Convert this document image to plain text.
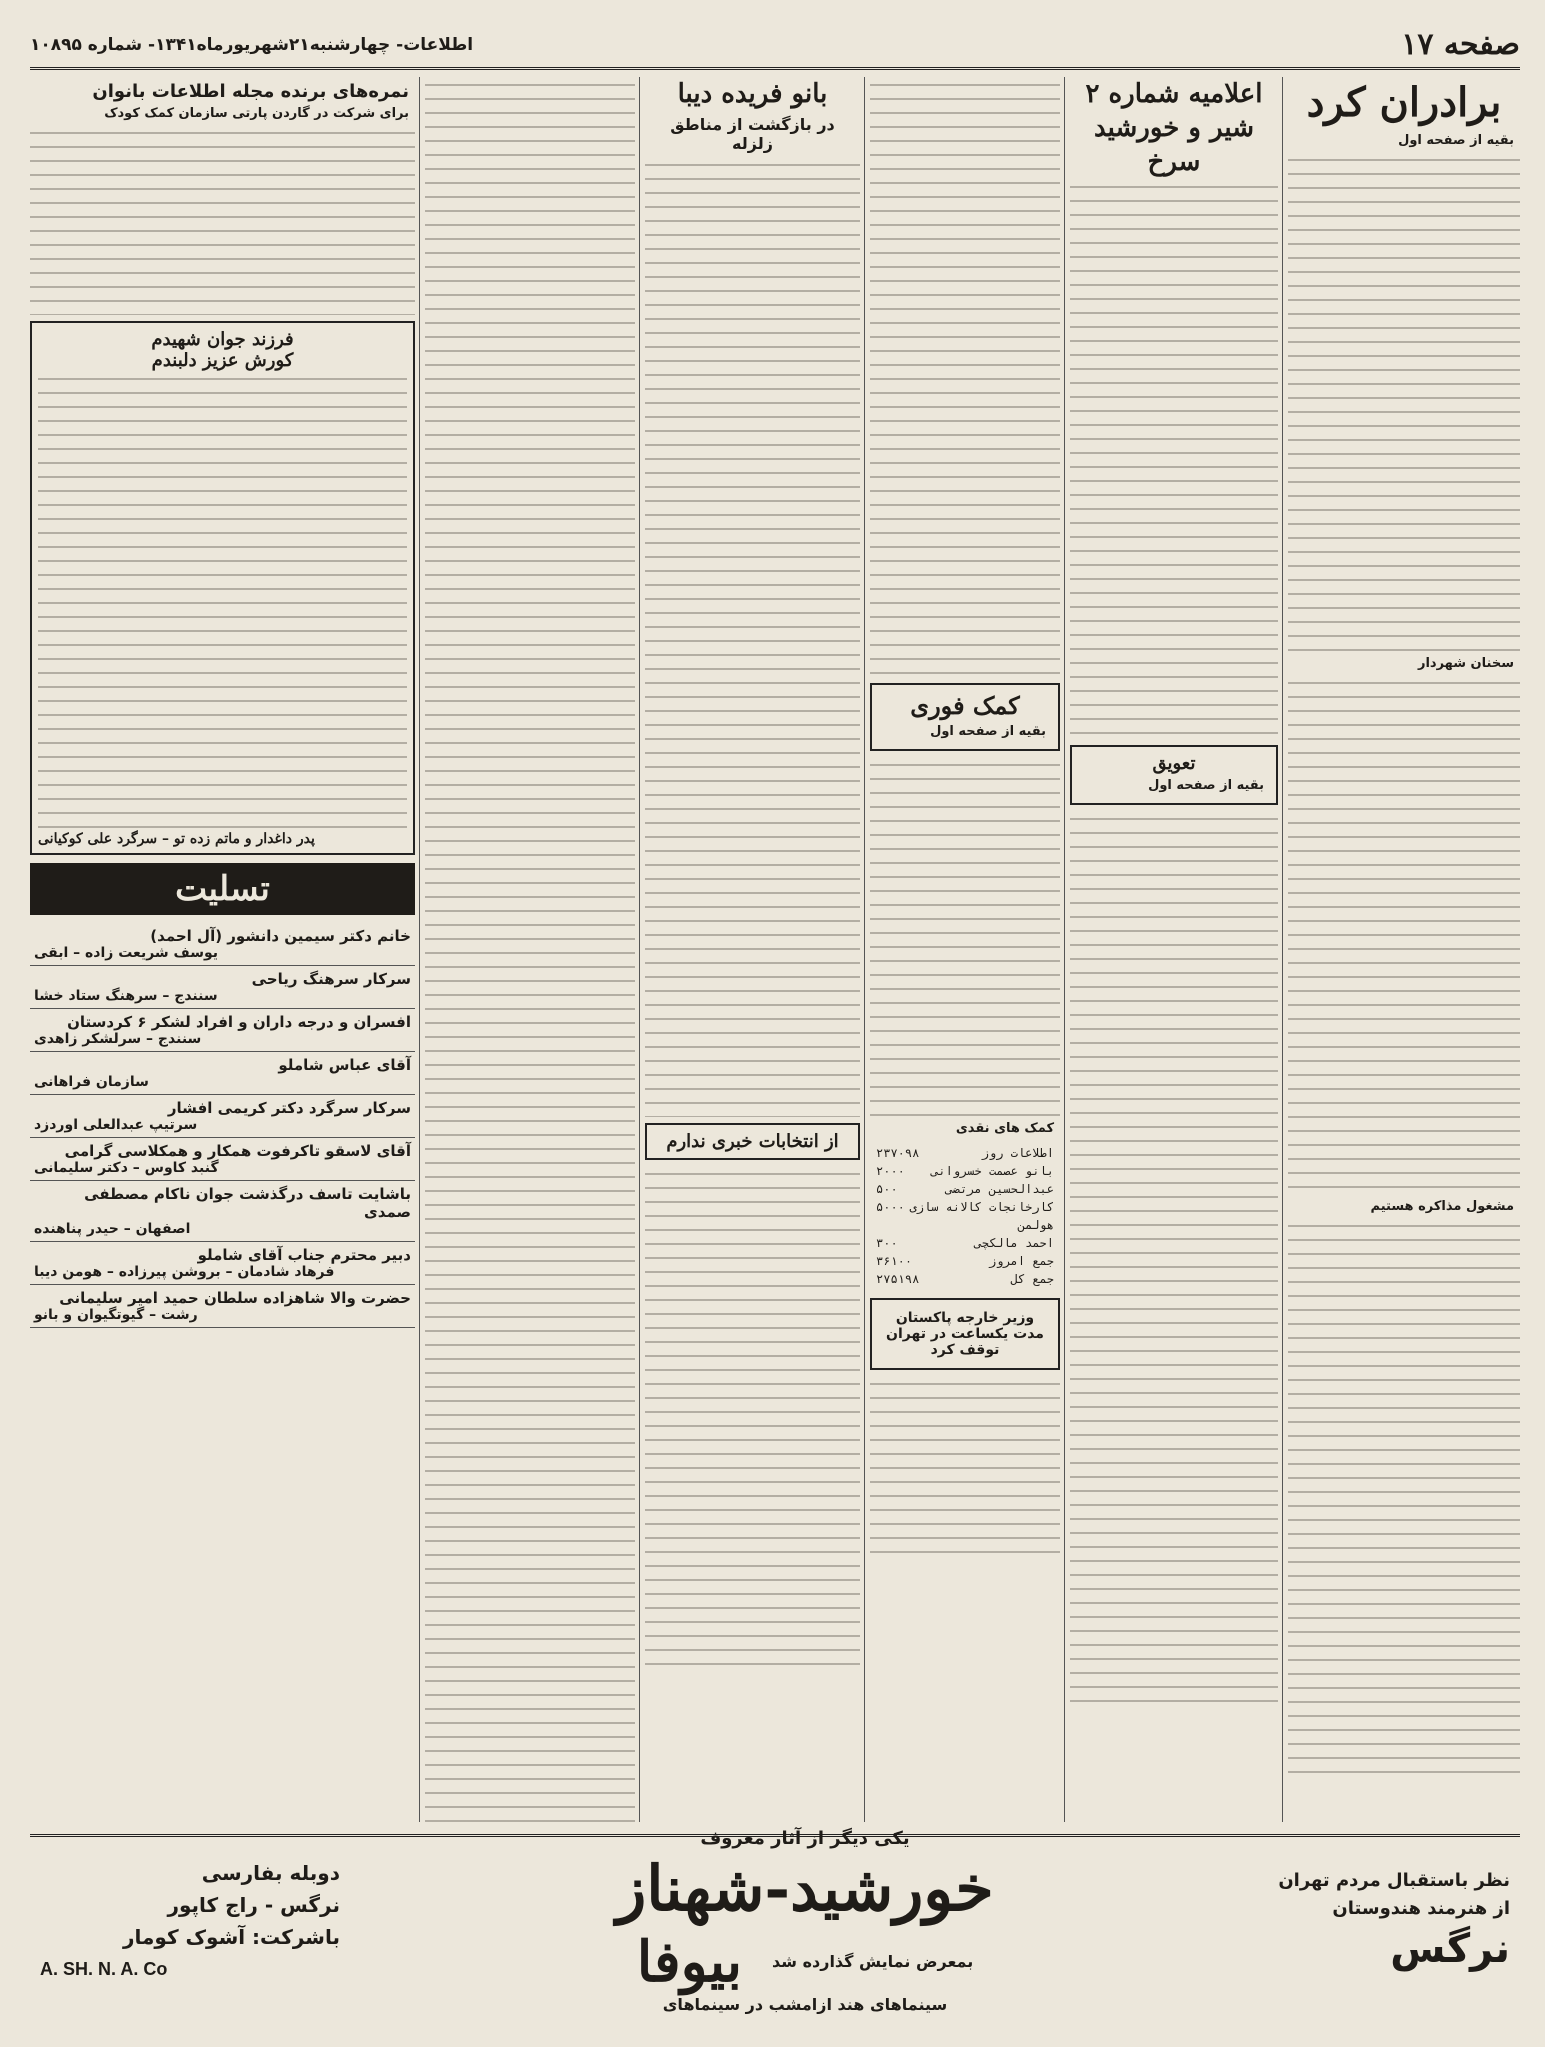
صفحه ۱۷
اطلاعات- چهارشنبه۲۱شهریورماه۱۳۴۱- شماره ۱۰۸۹۵
برادران کرد
بقیه از صفحه اول
سخنان شهردار
مشغول مذاکره هستیم
اعلامیه شماره ۲ شیر و خورشید سرخ
تعویق
بقیه از صفحه اول
کمک فوری
بقیه از صفحه اول
کمک های نقدی
اطلاعات روز
۲۳۷۰۹۸
بانو عصمت خسروانی
۲۰۰۰
عبدالحسین مرتضی
۵۰۰
کارخانجات کالانه سازی هولمن
۵۰۰۰
احمد مالکچی
۳۰۰
جمع امروز
۳۶۱۰۰
جمع کل
۲۷۵۱۹۸
وزیر خارجه پاکستان مدت یکساعت در تهران توقف کرد
بانو فریده دیبا
در بازگشت از مناطق زلزله
از انتخابات خبری ندارم
نمره‌های برنده مجله اطلاعات بانوان
برای شرکت در گاردن پارتی سازمان کمک کودک
فرزند جوان شهیدم
کورش عزیز دلبندم
پدر داغدار و ماتم زده تو – سرگرد علی کوکیانی
تسلیت
خانم دکتر سیمین دانشور (آل احمد)
یوسف شریعت زاده – ابقی
سرکار سرهنگ ریاحی
سنندج – سرهنگ ستاد خشا
افسران و درجه داران و افراد لشکر ۶ کردستان
سنندج – سرلشکر زاهدی
آقای عباس شاملو
سازمان فراهانی
سرکار سرگرد دکتر کریمی افشار
سرتیپ عبدالعلی اوردزد
آقای لاسقو تاکرفوت همکار و همکلاسی گرامی
گنبد کاوس – دکتر سلیمانی
باشایت تاسف درگذشت جوان ناکام مصطفی صمدی
اصفهان – حیدر پناهنده
دبیر محترم جناب آقای شاملو
فرهاد شادمان – بروشن پیرزاده – هومن دیبا
حضرت والا شاهزاده سلطان حمید امیر سلیمانی
رشت – گیوتگیوان و بانو
نظر باستقبال مردم تهران
از هنرمند هندوستان
نرگس
یکی دیگر از آثار معروف
خورشید-شهناز
بمعرض نمایش گذارده شد
بیوفا
سینماهای هند ازامشب در سینماهای
دوبله بفارسی
نرگس - راج کاپور
باشرکت: آشوک کومار
A. SH. N. A. Co
